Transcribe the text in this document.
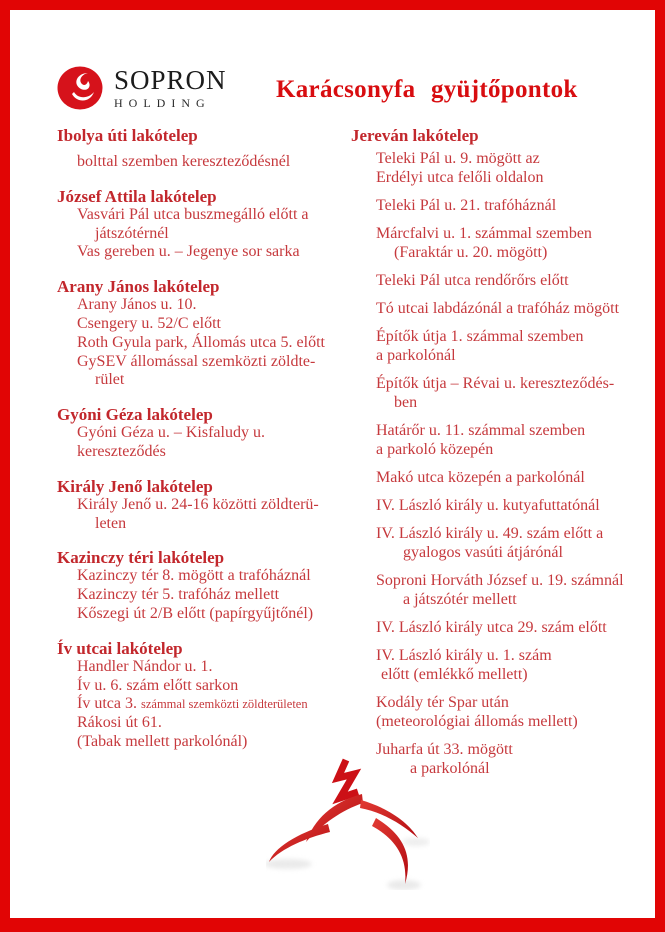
SOPRON
HOLDING	Karácsonyfa gyüjtőpontok
Ibolya úti lakótelep
bolttal szemben kereszteződésnél
József Attila lakótelep
Vasvári Pál utca buszmegálló előtt a
játszótérnél
Vas gereben u. – Jegenye sor sarka
Arany János lakótelep
Arany János u. 10.
Csengery u. 52/C előtt
Roth Gyula park, Állomás utca 5. előtt
GySEV állomással szemközti zöldte-
rület
Gyóni Géza lakótelep
Gyóni Géza u. – Kisfaludy u.
kereszteződés
Király Jenő lakótelep
Király Jenő u. 24-16 közötti zöldterü-
leten
Kazinczy téri lakótelep
Kazinczy tér 8. mögött a trafóháznál
Kazinczy tér 5. trafóház mellett
Kőszegi út 2/B előtt (papírgyűjtőnél)
Ív utcai lakótelep
Handler Nándor u. 1.
Ív u. 6. szám előtt sarkon
Ív utca 3. számmal szemközti zöldterületen
Rákosi út 61.
(Tabak mellett parkolónál)
Jereván lakótelep
Teleki Pál u. 9. mögött az
Erdélyi utca felőli oldalon
Teleki Pál u. 21. trafóháznál
Márcfalvi u. 1. számmal szemben
(Faraktár u. 20. mögött)
Teleki Pál utca rendőrőrs előtt
Tó utcai labdázónál a trafóház mögött
Építők útja 1. számmal szemben
a parkolónál
Építők útja – Révai u. kereszteződés-
ben
Határőr u. 11. számmal szemben
a parkoló közepén
Makó utca közepén a parkolónál
IV. László király u. kutyafuttatónál
IV. László király u. 49. szám előtt a
gyalogos vasúti átjárónál
Soproni Horváth József u. 19. számnál
a játszótér mellett
IV. László király utca 29. szám előtt
IV. László király u. 1. szám
előtt (emlékkő mellett)
Kodály tér Spar után
(meteorológiai állomás mellett)
Juharfa út 33. mögött
a parkolónál
